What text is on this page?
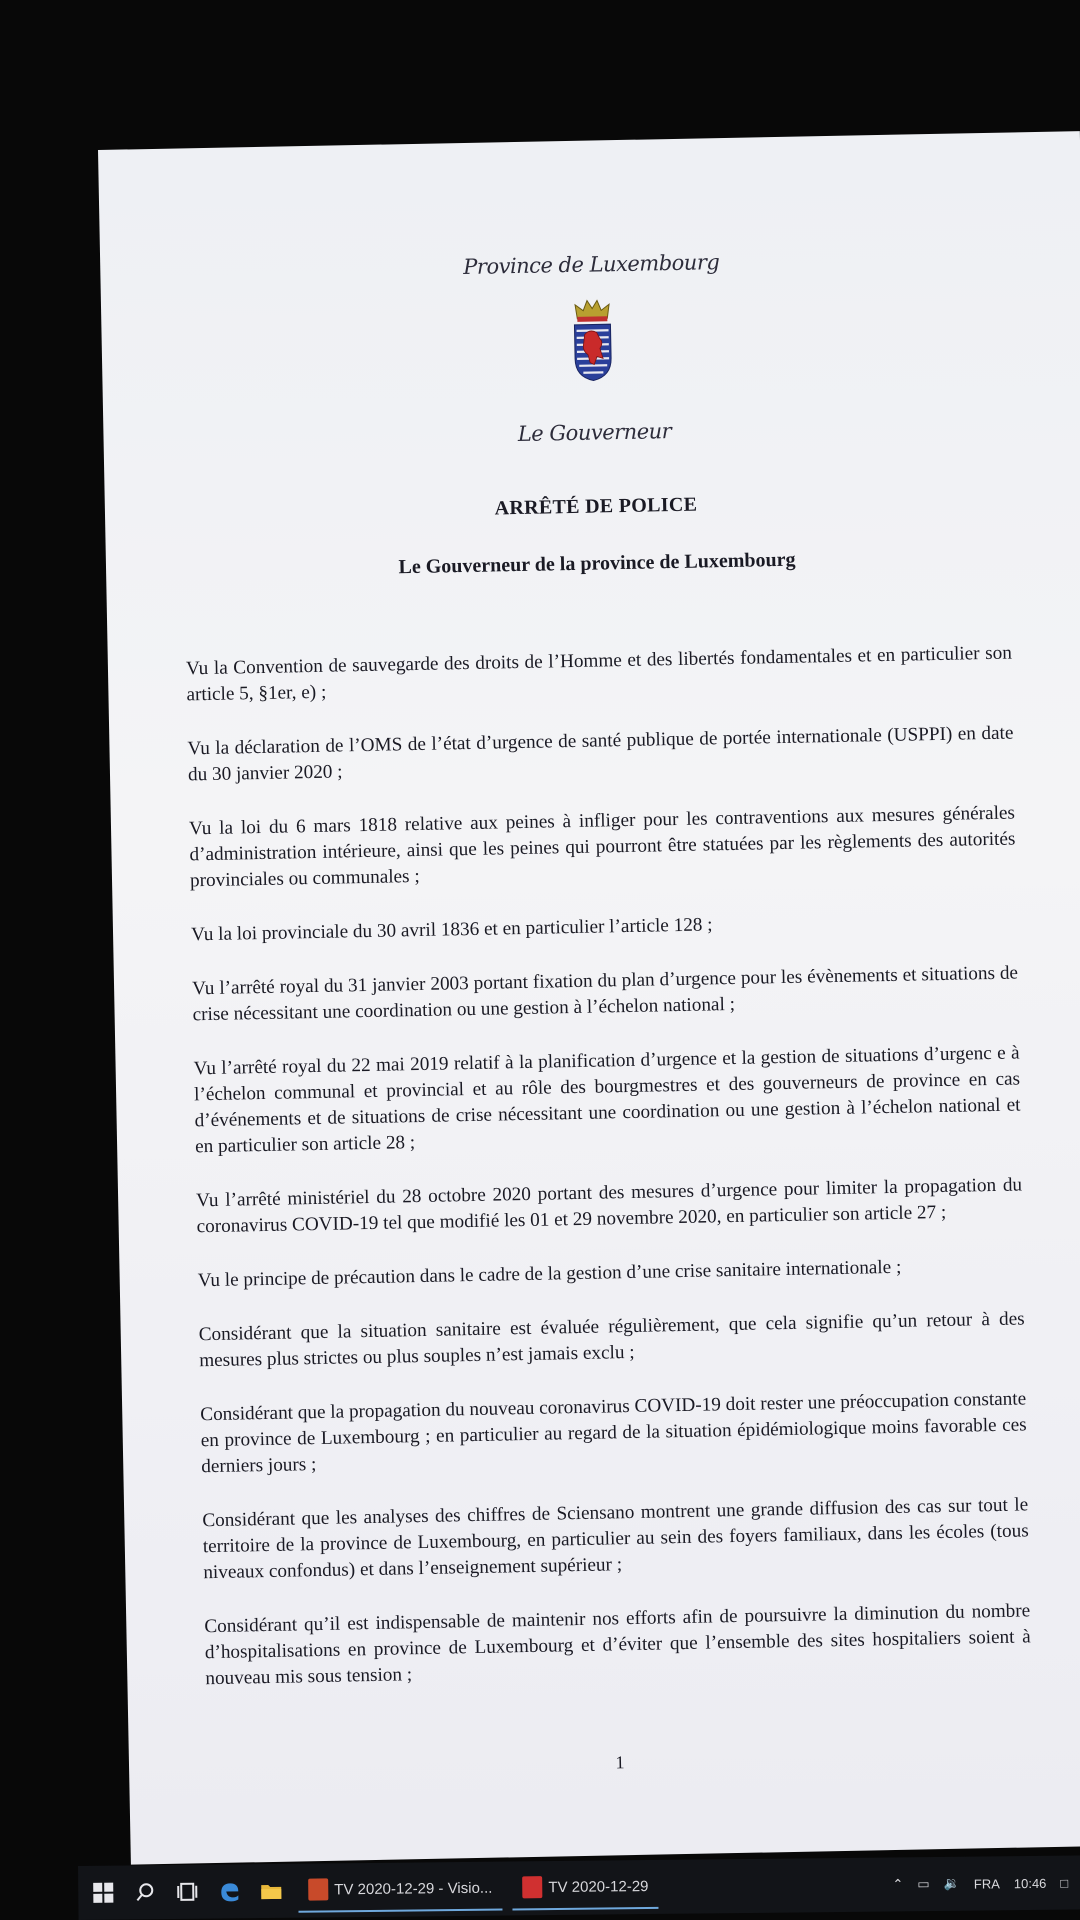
Province de Luxembourg
Le Gouverneur
ARRÊTÉ DE POLICE
Le Gouverneur de la province de Luxembourg

Vu la Convention de sauvegarde des droits de l’Homme et des libertés fondamentales et en particulier son article 5, §1er, e) ;

Vu la déclaration de l’OMS de l’état d’urgence de santé publique de portée internationale (USPPI) en date du 30 janvier 2020 ;

Vu la loi du 6 mars 1818 relative aux peines à infliger pour les contraventions aux mesures générales d’administration intérieure, ainsi que les peines qui pourront être statuées par les règlements des autorités provinciales ou communales ;

Vu la loi provinciale du 30 avril 1836 et en particulier l’article 128 ;

Vu l’arrêté royal du 31 janvier 2003 portant fixation du plan d’urgence pour les évènements et situations de crise nécessitant une coordination ou une gestion à l’échelon national ;

Vu l’arrêté royal du 22 mai 2019 relatif à la planification d’urgence et la gestion de situations d’urgenc e à l’échelon communal et provincial et au rôle des bourgmestres et des gouverneurs de province en cas d’événements et de situations de crise nécessitant une coordination ou une gestion à l’échelon national et en particulier son article 28 ;

Vu l’arrêté ministériel du 28 octobre 2020 portant des mesures d’urgence pour limiter la propagation du coronavirus COVID-19 tel que modifié les 01 et 29 novembre 2020, en particulier son article 27 ;

Vu le principe de précaution dans le cadre de la gestion d’une crise sanitaire internationale ;

Considérant que la situation sanitaire est évaluée régulièrement, que cela signifie qu’un retour à des mesures plus strictes ou plus souples n’est jamais exclu ;

Considérant que la propagation du nouveau coronavirus COVID-19 doit rester une préoccupation constante en province de Luxembourg ; en particulier au regard de la situation épidémiologique moins favorable ces derniers jours ;

Considérant que les analyses des chiffres de Sciensano montrent une grande diffusion des cas sur tout le territoire de la province de Luxembourg, en particulier au sein des foyers familiaux, dans les écoles (tous niveaux confondus) et dans l’enseignement supérieur ;

Considérant qu’il est indispensable de maintenir nos efforts afin de poursuivre la diminution du nombre d’hospitalisations en province de Luxembourg et d’éviter que l’ensemble des sites hospitaliers soient à nouveau mis sous tension ;

1
TV 2020-12-29 - Visio...	TV 2020-12-29	⌃ ▭ 🔉 FRA 10:46 □
